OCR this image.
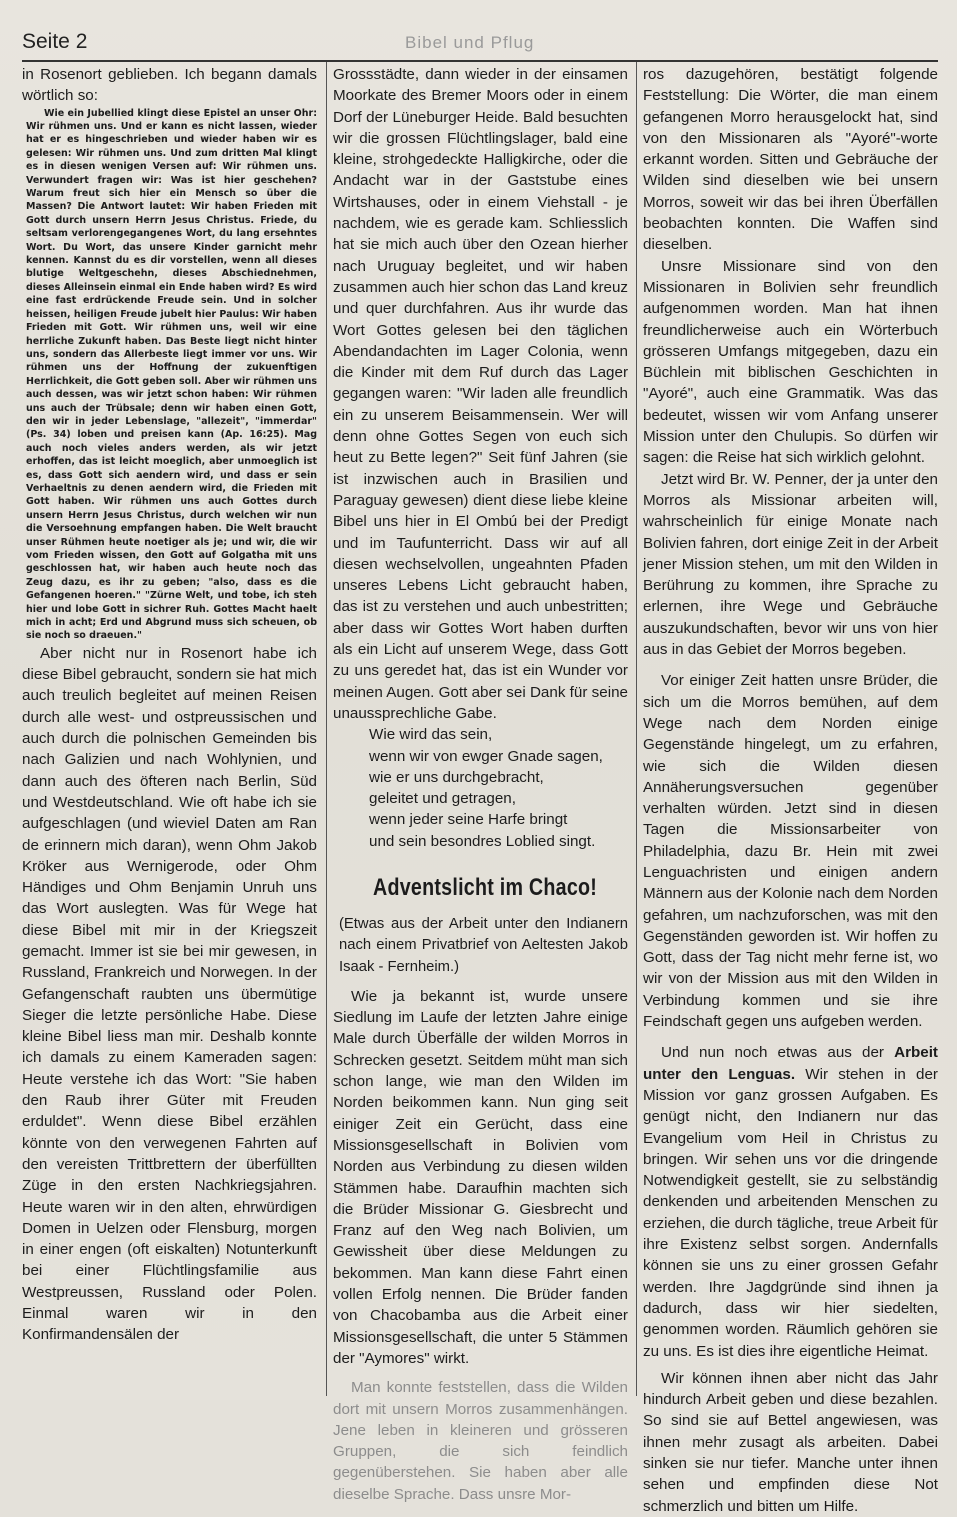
Seite 2	Bibel und Pflug

in Rosenort geblieben. Ich begann damals wörtlich so:

Wie ein Jubellied klingt diese Epistel an unser Ohr: Wir rühmen uns. Und er kann es nicht lassen, wieder hat er es hingeschrieben und wieder haben wir es gelesen: Wir rühmen uns. Und zum dritten Mal klingt es in diesen wenigen Versen auf: Wir rühmen uns. Verwundert fragen wir: Was ist hier geschehen? Warum freut sich hier ein Mensch so über die Massen? Die Antwort lautet: Wir haben Frieden mit Gott durch unsern Herrn Jesus Christus. Friede, du seltsam verlorengegangenes Wort, du lang ersehntes Wort. Du Wort, das unsere Kinder garnicht mehr kennen. Kannst du es dir vorstellen, wenn all dieses blutige Weltgeschehn, dieses Abschiednehmen, dieses Alleinsein einmal ein Ende haben wird? Es wird eine fast erdrückende Freude sein. Und in solcher heissen, heiligen Freude jubelt hier Paulus: Wir haben Frieden mit Gott. Wir rühmen uns, weil wir eine herrliche Zukunft haben. Das Beste liegt nicht hinter uns, sondern das Allerbeste liegt immer vor uns. Wir rühmen uns der Hoffnung der zukuenftigen Herrlichkeit, die Gott geben soll. Aber wir rühmen uns auch dessen, was wir jetzt schon haben: Wir rühmen uns auch der Trübsale; denn wir haben einen Gott, den wir in jeder Lebenslage, "allezeit", "immerdar" (Ps. 34) loben und preisen kann (Ap. 16:25). Mag auch noch vieles anders werden, als wir jetzt erhoffen, das ist leicht moeglich, aber unmoeglich ist es, dass Gott sich aendern wird, und dass er sein Verhaeltnis zu denen aendern wird, die Frieden mit Gott haben. Wir rühmen uns auch Gottes durch unsern Herrn Jesus Christus, durch welchen wir nun die Versoehnung empfangen haben. Die Welt braucht unser Rühmen heute noetiger als je; und wir, die wir vom Frieden wissen, den Gott auf Golgatha mit uns geschlossen hat, wir haben auch heute noch das Zeug dazu, es ihr zu geben; "also, dass es die Gefangenen hoeren." "Zürne Welt, und tobe, ich steh hier und lobe Gott in sichrer Ruh. Gottes Macht haelt mich in acht; Erd und Abgrund muss sich scheuen, ob sie noch so draeuen."

Aber nicht nur in Rosenort habe ich diese Bibel gebraucht, sondern sie hat mich auch treulich begleitet auf meinen Reisen durch alle west- und ostpreussischen und auch durch die polnischen Gemeinden bis nach Galizien und nach Wohlynien, und dann auch des öfteren nach Berlin, Süd und Westdeutschland. Wie oft habe ich sie aufgeschlagen (und wieviel Daten am Ran de erinnern mich daran), wenn Ohm Jakob Kröker aus Wernigerode, oder Ohm Händiges und Ohm Benjamin Unruh uns das Wort auslegten. Was für Wege hat diese Bibel mit mir in der Kriegszeit gemacht. Immer ist sie bei mir gewesen, in Russland, Frankreich und Norwegen. In der Gefangenschaft raubten uns übermütige Sieger die letzte persönliche Habe. Diese kleine Bibel liess man mir. Deshalb konnte ich damals zu einem Kameraden sagen: Heute verstehe ich das Wort: "Sie haben den Raub ihrer Güter mit Freuden erduldet". Wenn diese Bibel erzählen könnte von den verwegenen Fahrten auf den vereisten Trittbrettern der überfüllten Züge in den ersten Nachkriegsjahren. Heute waren wir in den alten, ehrwürdigen Domen in Uelzen oder Flensburg, morgen in einer engen (oft eiskalten) Notunterkunft bei einer Flüchtlingsfamilie aus Westpreussen, Russland oder Polen. Einmal waren wir in den Konfirmandensälen der

Grossstädte, dann wieder in der einsamen Moorkate des Bremer Moors oder in einem Dorf der Lüneburger Heide. Bald besuchten wir die grossen Flüchtlingslager, bald eine kleine, strohgedeckte Halligkirche, oder die Andacht war in der Gaststube eines Wirtshauses, oder in einem Viehstall - je nachdem, wie es gerade kam. Schliesslich hat sie mich auch über den Ozean hierher nach Uruguay begleitet, und wir haben zusammen auch hier schon das Land kreuz und quer durchfahren. Aus ihr wurde das Wort Gottes gelesen bei den täglichen Abendandachten im Lager Colonia, wenn die Kinder mit dem Ruf durch das Lager gegangen waren: "Wir laden alle freundlich ein zu unserem Beisammensein. Wer will denn ohne Gottes Segen von euch sich heut zu Bette legen?" Seit fünf Jahren (sie ist inzwischen auch in Brasilien und Paraguay gewesen) dient diese liebe kleine Bibel uns hier in El Ombú bei der Predigt und im Taufunterricht. Dass wir auf all diesen wechselvollen, ungeahnten Pfaden unseres Lebens Licht gebraucht haben, das ist zu verstehen und auch unbestritten; aber dass wir Gottes Wort haben durften als ein Licht auf unserem Wege, dass Gott zu uns geredet hat, das ist ein Wunder vor meinen Augen. Gott aber sei Dank für seine unaussprechliche Gabe.

Wie wird das sein,
wenn wir von ewger Gnade sagen,
wie er uns durchgebracht,
geleitet und getragen,
wenn jeder seine Harfe bringt
und sein besondres Loblied singt.
Adventslicht im Chaco!

(Etwas aus der Arbeit unter den Indianern nach einem Privatbrief von Aeltesten Jakob Isaak - Fernheim.)

Wie ja bekannt ist, wurde unsere Siedlung im Laufe der letzten Jahre einige Male durch Überfälle der wilden Morros in Schrecken gesetzt. Seitdem müht man sich schon lange, wie man den Wilden im Norden beikommen kann. Nun ging seit einiger Zeit ein Gerücht, dass eine Missionsgesellschaft in Bolivien vom Norden aus Verbindung zu diesen wilden Stämmen habe. Daraufhin machten sich die Brüder Missionar G. Giesbrecht und Franz auf den Weg nach Bolivien, um Gewissheit über diese Meldungen zu bekommen. Man kann diese Fahrt einen vollen Erfolg nennen. Die Brüder fanden von Chacobamba aus die Arbeit einer Missionsgesellschaft, die unter 5 Stämmen der "Aymores" wirkt.

Man konnte feststellen, dass die Wilden dort mit unsern Morros zusammenhängen. Jene leben in kleineren und grösseren Gruppen, die sich feindlich gegenüberstehen. Sie haben aber alle dieselbe Sprache. Dass unsre Mor-

ros dazugehören, bestätigt folgende Feststellung: Die Wörter, die man einem gefangenen Morro herausgelockt hat, sind von den Missionaren als "Ayoré"-worte erkannt worden. Sitten und Gebräuche der Wilden sind dieselben wie bei unsern Morros, soweit wir das bei ihren Überfällen beobachten konnten. Die Waffen sind dieselben.

Unsre Missionare sind von den Missionaren in Bolivien sehr freundlich aufgenommen worden. Man hat ihnen freundlicherweise auch ein Wörterbuch grösseren Umfangs mitgegeben, dazu ein Büchlein mit biblischen Geschichten in "Ayoré", auch eine Grammatik. Was das bedeutet, wissen wir vom Anfang unserer Mission unter den Chulupis. So dürfen wir sagen: die Reise hat sich wirklich gelohnt.

Jetzt wird Br. W. Penner, der ja unter den Morros als Missionar arbeiten will, wahrscheinlich für einige Monate nach Bolivien fahren, dort einige Zeit in der Arbeit jener Mission stehen, um mit den Wilden in Berührung zu kommen, ihre Sprache zu erlernen, ihre Wege und Gebräuche auszukundschaften, bevor wir uns von hier aus in das Gebiet der Morros begeben.

Vor einiger Zeit hatten unsre Brüder, die sich um die Morros bemühen, auf dem Wege nach dem Norden einige Gegenstände hingelegt, um zu erfahren, wie sich die Wilden diesen Annäherungsversuchen gegenüber verhalten würden. Jetzt sind in diesen Tagen die Missionsarbeiter von Philadelphia, dazu Br. Hein mit zwei Lenguachristen und einigen andern Männern aus der Kolonie nach dem Norden gefahren, um nachzuforschen, was mit den Gegenständen geworden ist. Wir hoffen zu Gott, dass der Tag nicht mehr ferne ist, wo wir von der Mission aus mit den Wilden in Verbindung kommen und sie ihre Feindschaft gegen uns aufgeben werden.

Und nun noch etwas aus der Arbeit unter den Lenguas. Wir stehen in der Mission vor ganz grossen Aufgaben. Es genügt nicht, den Indianern nur das Evangelium vom Heil in Christus zu bringen. Wir sehen uns vor die dringende Notwendigkeit gestellt, sie zu selbständig denkenden und arbeitenden Menschen zu erziehen, die durch tägliche, treue Arbeit für ihre Existenz selbst sorgen. Andernfalls können sie uns zu einer grossen Gefahr werden. Ihre Jagdgründe sind ihnen ja dadurch, dass wir hier siedelten, genommen worden. Räumlich gehören sie zu uns. Es ist dies ihre eigentliche Heimat.

Wir können ihnen aber nicht das Jahr hindurch Arbeit geben und diese bezahlen. So sind sie auf Bettel angewiesen, was ihnen mehr zusagt als arbeiten. Dabei sinken sie nur tiefer. Manche unter ihnen sehen und empfinden diese Not schmerzlich und bitten um Hilfe.
